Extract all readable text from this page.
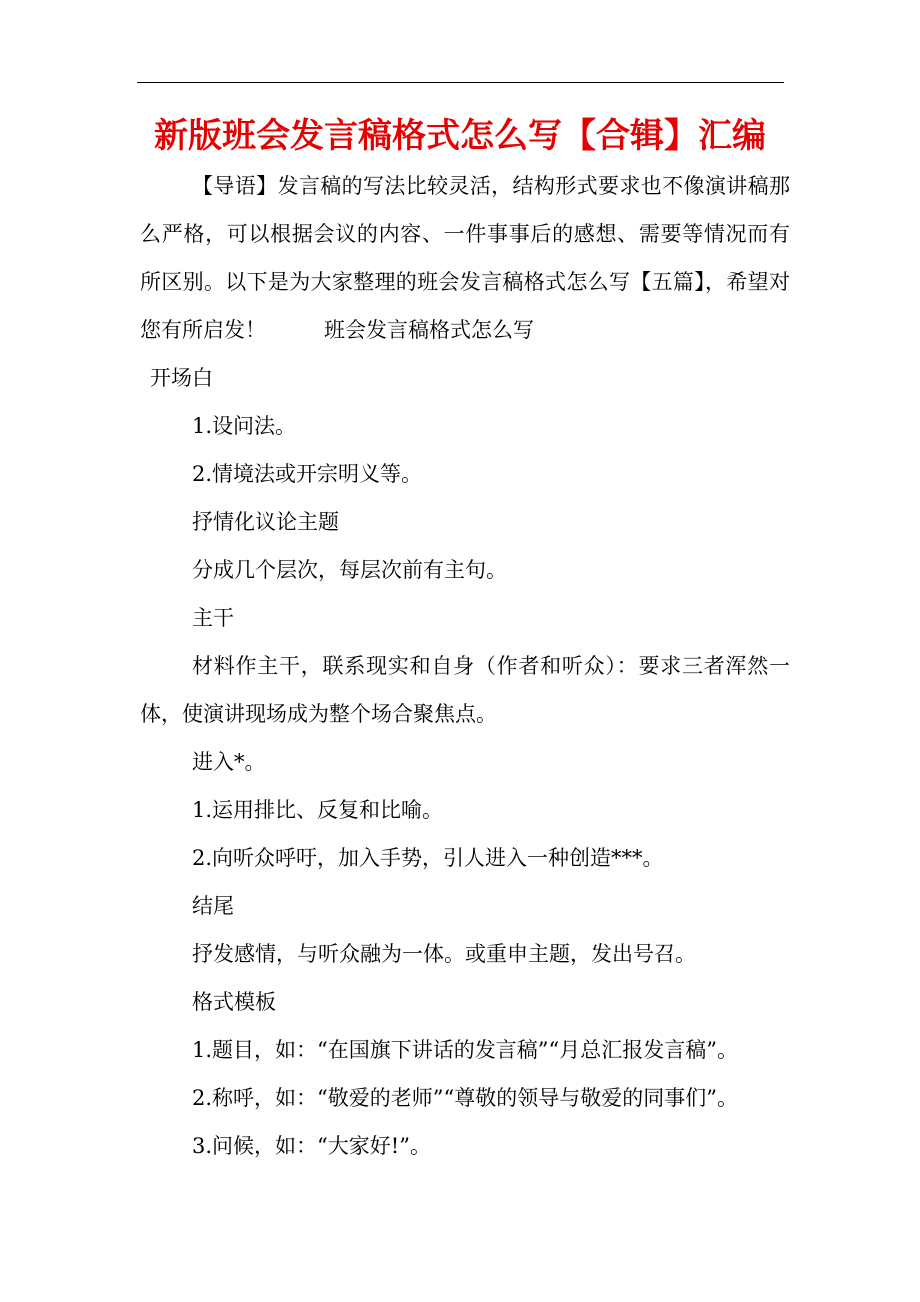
新版班会发言稿格式怎么写【合辑】汇编

【导语】发言稿的写法比较灵活，结构形式要求也不像演讲稿那么严格，可以根据会议的内容、一件事事后的感想、需要等情况而有所区别。以下是为大家整理的班会发言稿格式怎么写【五篇】，希望对您有所启发！	班会发言稿格式怎么写

开场白

1.设问法。

2.情境法或开宗明义等。

抒情化议论主题

分成几个层次，每层次前有主句。

主干

材料作主干，联系现实和自身（作者和听众）：要求三者浑然一体，使演讲现场成为整个场合聚焦点。

进入*。

1.运用排比、反复和比喻。

2.向听众呼吁，加入手势，引人进入一种创造***。

结尾

抒发感情，与听众融为一体。或重申主题，发出号召。

格式模板

1.题目，如：“在国旗下讲话的发言稿”“月总汇报发言稿”。

2.称呼，如：“敬爱的老师”“尊敬的领导与敬爱的同事们”。

3.问候，如：“大家好!”。
